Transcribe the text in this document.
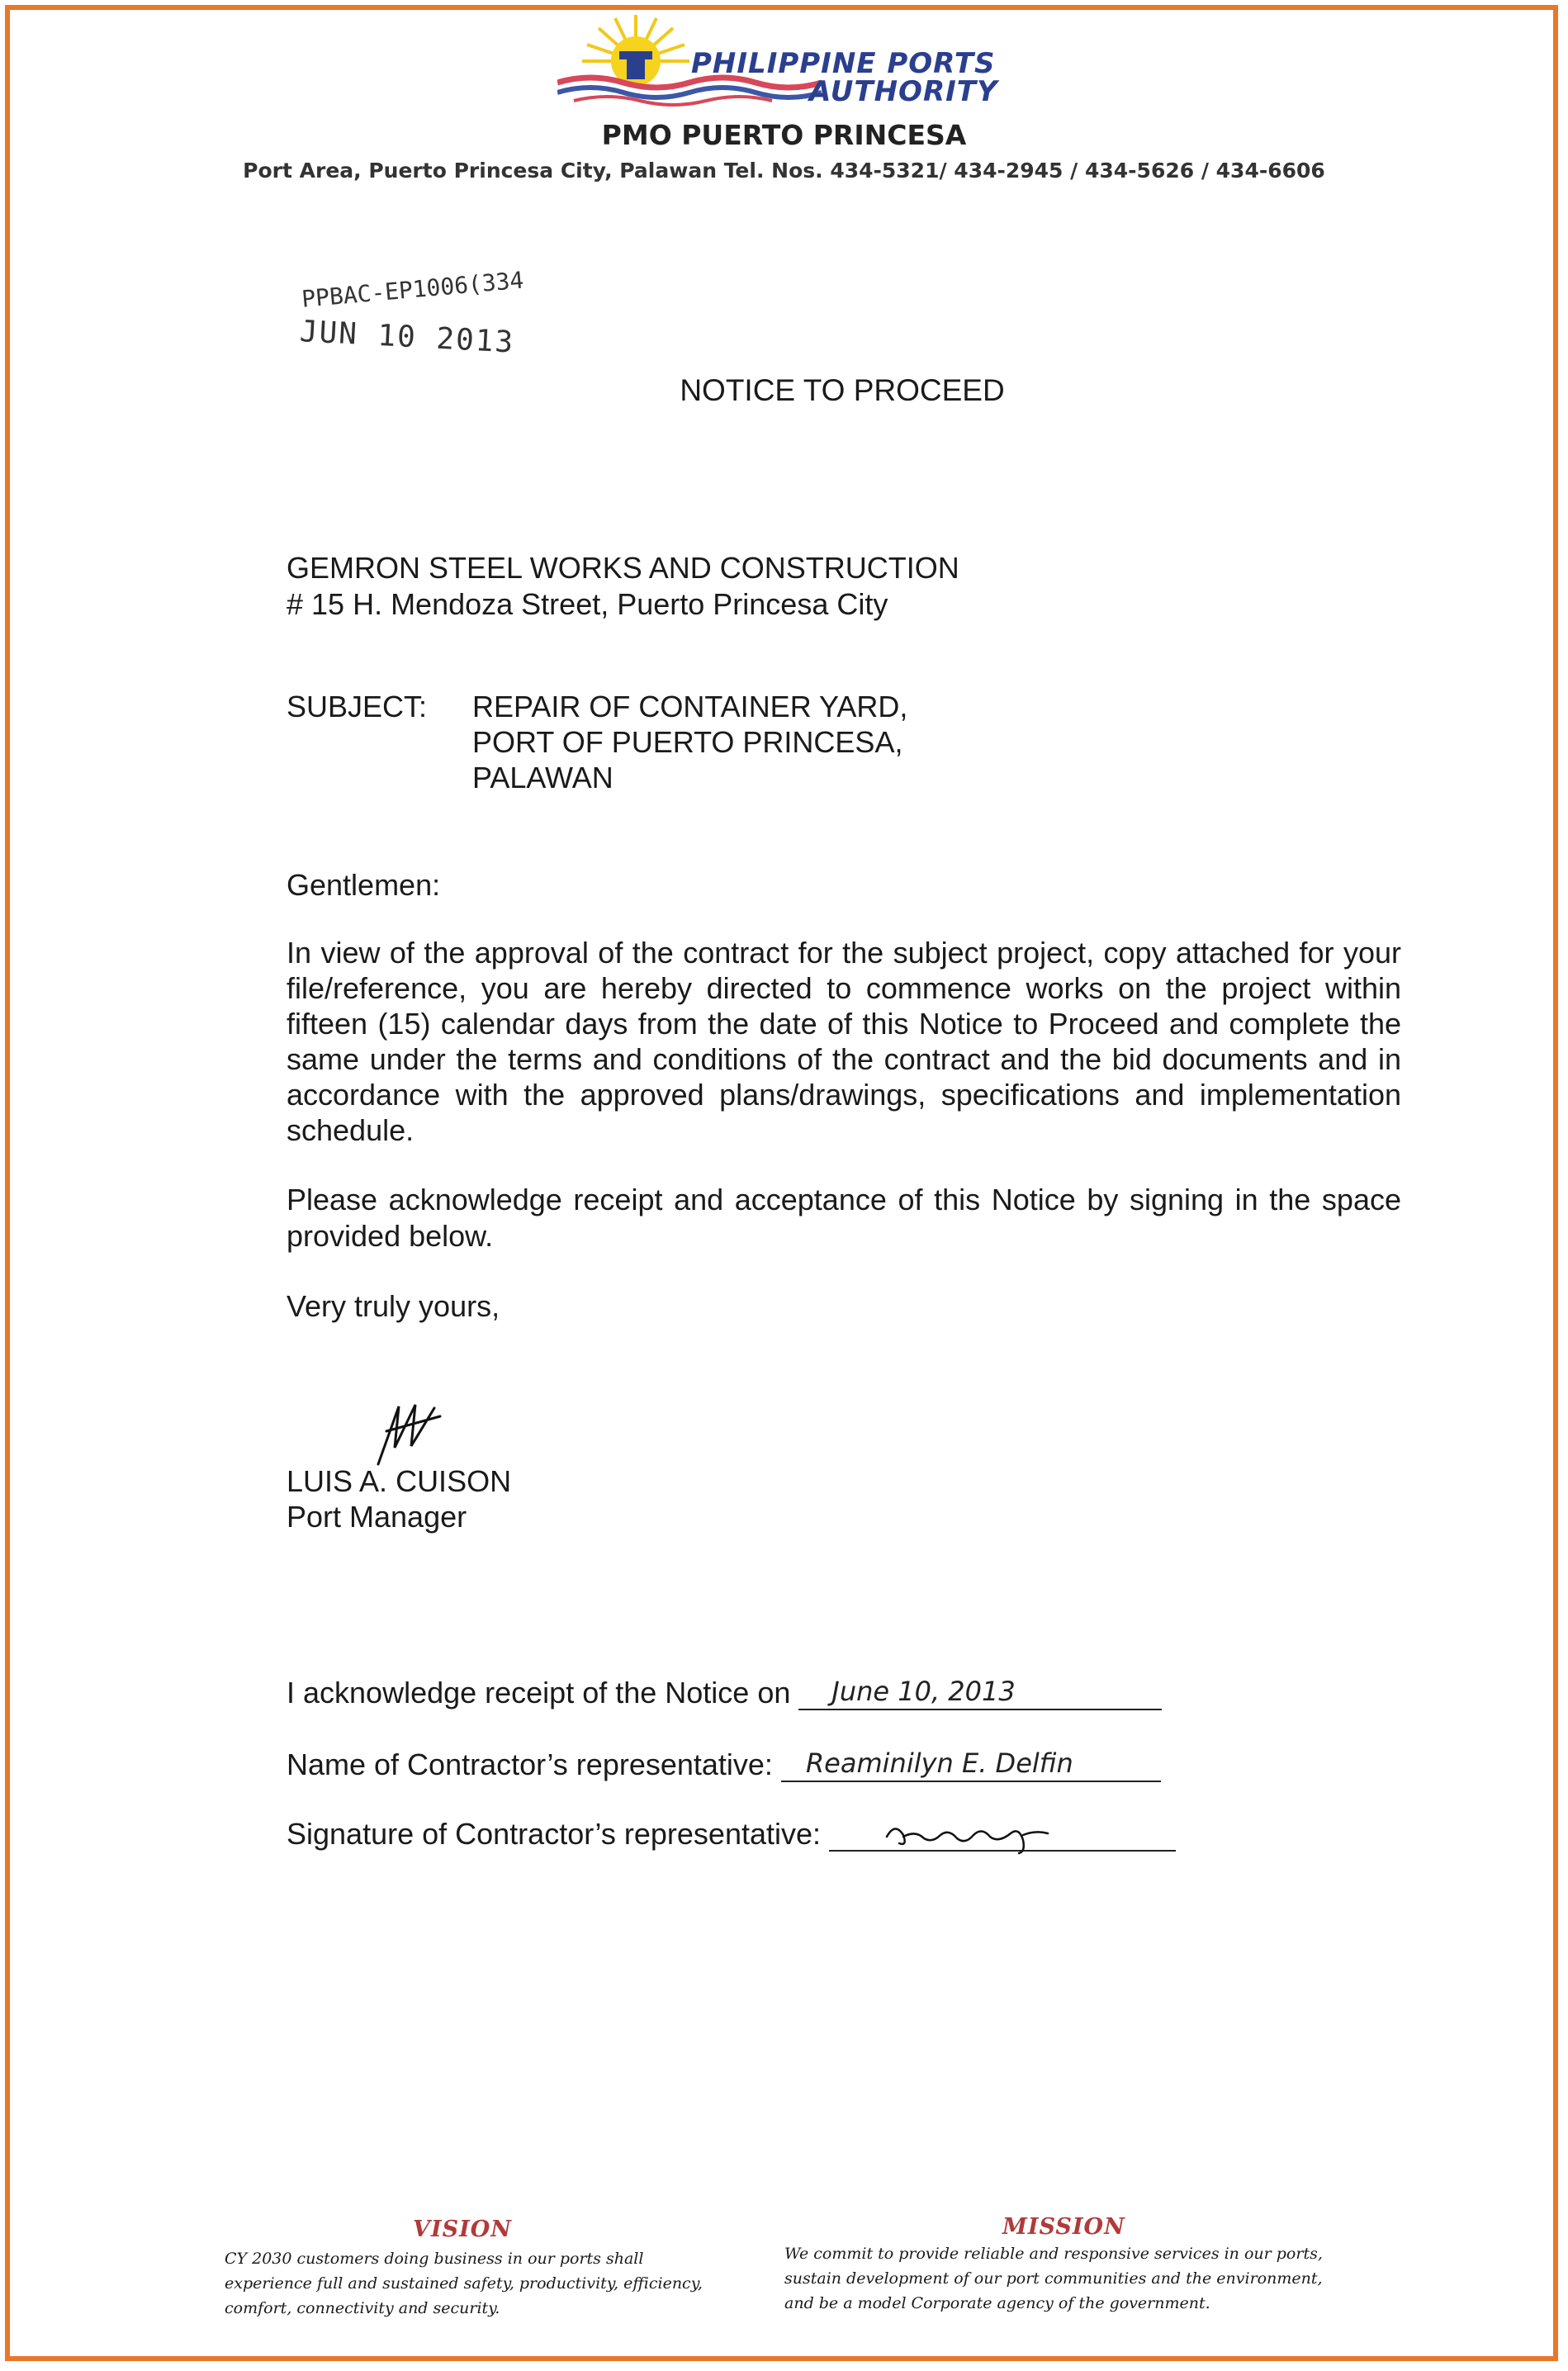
PHILIPPINE PORTS
AUTHORITY
PMO PUERTO PRINCESA
Port Area, Puerto Princesa City, Palawan Tel. Nos. 434-5321/ 434-2945 / 434-5626 / 434-6606
PPBAC-EP1006(334
JUN 10 2013
NOTICE TO PROCEED
GEMRON STEEL WORKS AND CONSTRUCTION
# 15 H. Mendoza Street, Puerto Princesa City
SUBJECT: REPAIR OF CONTAINER YARD,
PORT OF PUERTO PRINCESA,
PALAWAN
Gentlemen:
In view of the approval of the contract for the subject project, copy attached for your file/reference, you are hereby directed to commence works on the project within fifteen (15) calendar days from the date of this Notice to Proceed and complete the same under the terms and conditions of the contract and the bid documents and in accordance with the approved plans/drawings, specifications and implementation schedule.
Please acknowledge receipt and acceptance of this Notice by signing in the space provided below.
Very truly yours,
LUIS A. CUISON
Port Manager
I acknowledge receipt of the Notice on June 10, 2013
Name of Contractor’s representative: Reaminilyn E. Delfin
Signature of Contractor’s representative:
VISION
CY 2030 customers doing business in our ports shall experience full and sustained safety, productivity, efficiency, comfort, connectivity and security.
MISSION
We commit to provide reliable and responsive services in our ports, sustain development of our port communities and the environment, and be a model Corporate agency of the government.
